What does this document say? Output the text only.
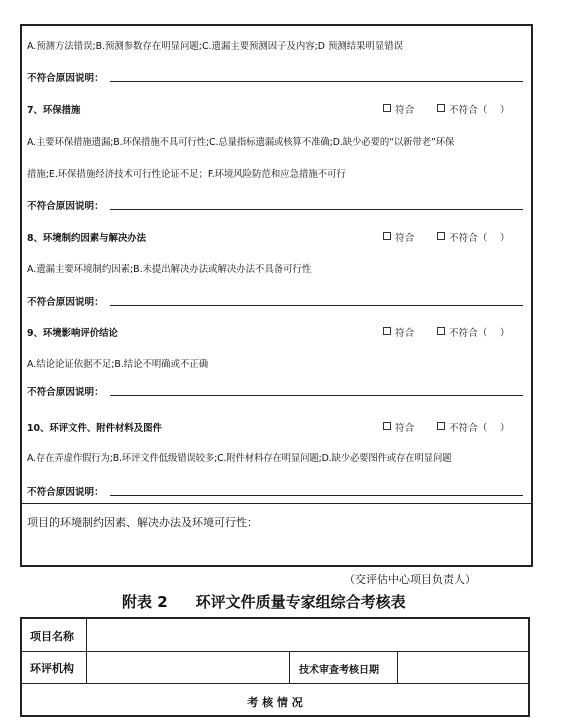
A.预测方法错误;B.预测参数存在明显问题;C.遗漏主要预测因子及内容;D 预测结果明显错误
不符合原因说明：
7、环保措施	符合	不符合（　 ）
A.主要环保措施遗漏;B.环保措施不具可行性;C.总量指标遗漏或核算不准确;D.缺少必要的“以新带老”环保
措施;E.环保措施经济技术可行性论证不足；F.环境风险防范和应急措施不可行
不符合原因说明：
8、环境制约因素与解决办法	符合	不符合（　 ）
A.遗漏主要环境制约因素;B.未提出解决办法或解决办法不具备可行性
不符合原因说明：
9、环境影响评价结论	符合	不符合（　 ）
A.结论论证依据不足;B.结论不明确或不正确
不符合原因说明：
10、环评文件、附件材料及图件	符合	不符合（　 ）
A.存在弄虚作假行为;B.环评文件低级错误较多;C.附件材料存在明显问题;D.缺少必要图件或存在明显问题
不符合原因说明：
项目的环境制约因素、解决办法及环境可行性：
（交评估中心项目负责人）
附表 2 环评文件质量专家组综合考核表
项目名称
环评机构	技术审查考核日期
考 核 情 况
